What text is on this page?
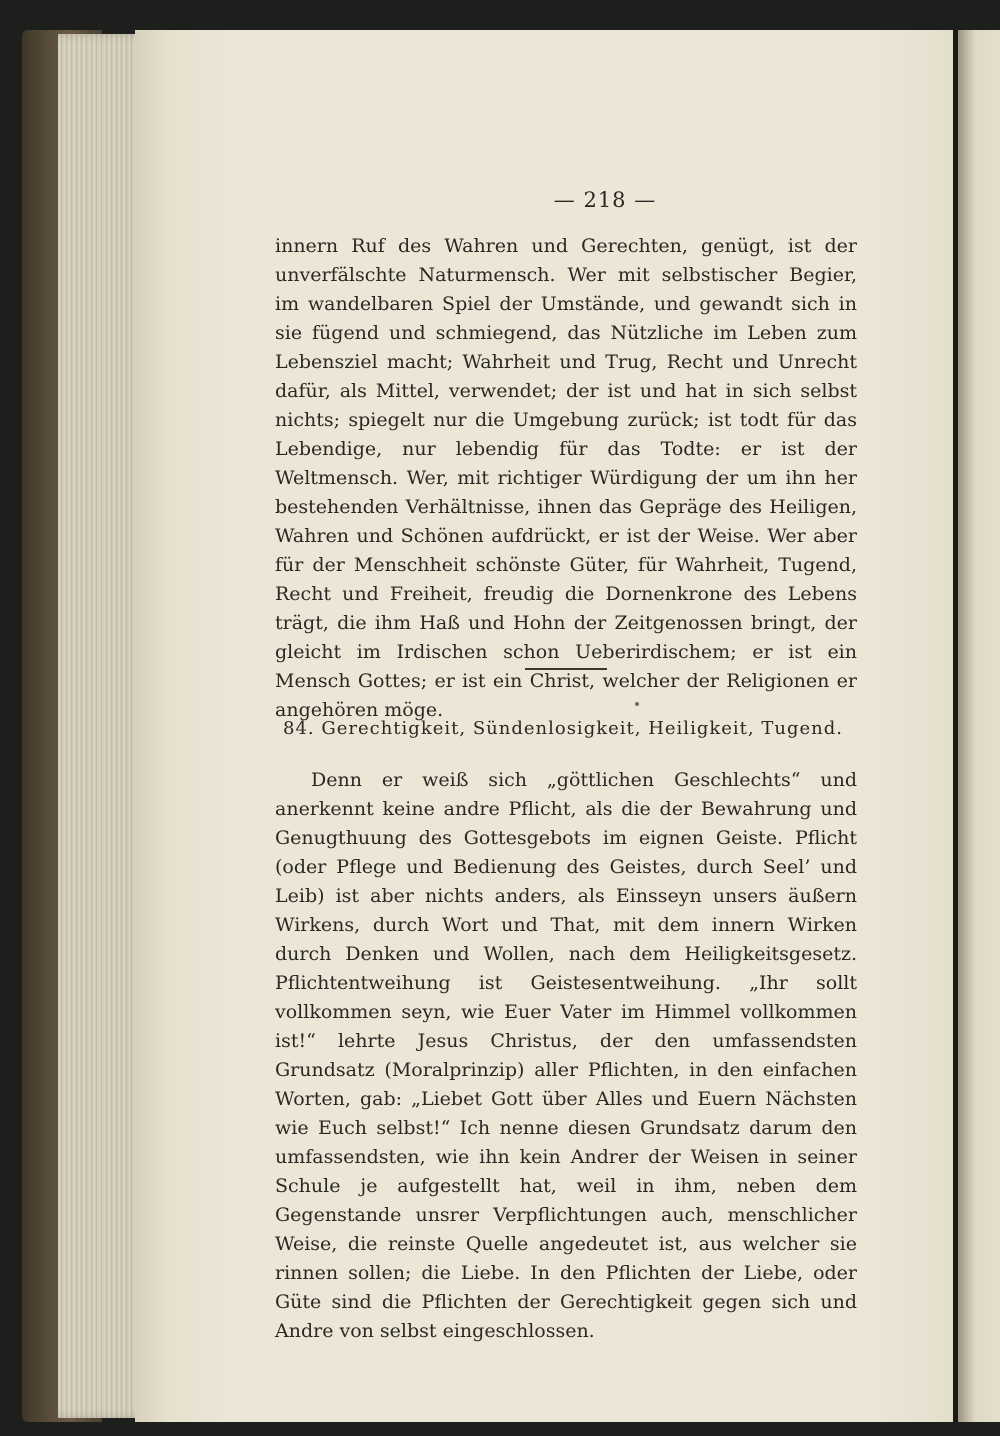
— 218 —

innern Ruf des Wahren und Gerechten, genügt, ist der unverfälschte Naturmensch. Wer mit selbstischer Begier, im wandelbaren Spiel der Umstände, und gewandt sich in sie fügend und schmiegend, das Nützliche im Leben zum Lebensziel macht; Wahrheit und Trug, Recht und Unrecht dafür, als Mittel, verwendet; der ist und hat in sich selbst nichts; spiegelt nur die Umgebung zurück; ist todt für das Lebendige, nur lebendig für das Todte: er ist der Weltmensch. Wer, mit richtiger Würdigung der um ihn her bestehenden Verhältnisse, ihnen das Gepräge des Heiligen, Wahren und Schönen aufdrückt, er ist der Weise. Wer aber für der Menschheit schönste Güter, für Wahrheit, Tugend, Recht und Freiheit, freudig die Dornenkrone des Lebens trägt, die ihm Haß und Hohn der Zeitgenossen bringt, der gleicht im Irdischen schon Ueberirdischem; er ist ein Mensch Gottes; er ist ein Christ, welcher der Religionen er angehören möge.

84. Gerechtigkeit, Sündenlosigkeit, Heiligkeit, Tugend.

Denn er weiß sich „göttlichen Geschlechts“ und anerkennt keine andre Pflicht, als die der Bewahrung und Genugthuung des Gottesgebots im eignen Geiste. Pflicht (oder Pflege und Bedienung des Geistes, durch Seel’ und Leib) ist aber nichts anders, als Einsseyn unsers äußern Wirkens, durch Wort und That, mit dem innern Wirken durch Denken und Wollen, nach dem Heiligkeitsgesetz. Pflichtentweihung ist Geistesentweihung. „Ihr sollt vollkommen seyn, wie Euer Vater im Himmel vollkommen ist!“ lehrte Jesus Christus, der den umfassendsten Grundsatz (Moralprinzip) aller Pflichten, in den einfachen Worten, gab: „Liebet Gott über Alles und Euern Nächsten wie Euch selbst!“ Ich nenne diesen Grundsatz darum den umfassendsten, wie ihn kein Andrer der Weisen in seiner Schule je aufgestellt hat, weil in ihm, neben dem Gegenstande unsrer Verpflichtungen auch, menschlicher Weise, die reinste Quelle angedeutet ist, aus welcher sie rinnen sollen; die Liebe. In den Pflichten der Liebe, oder Güte sind die Pflichten der Gerechtigkeit gegen sich und Andre von selbst eingeschlossen.
